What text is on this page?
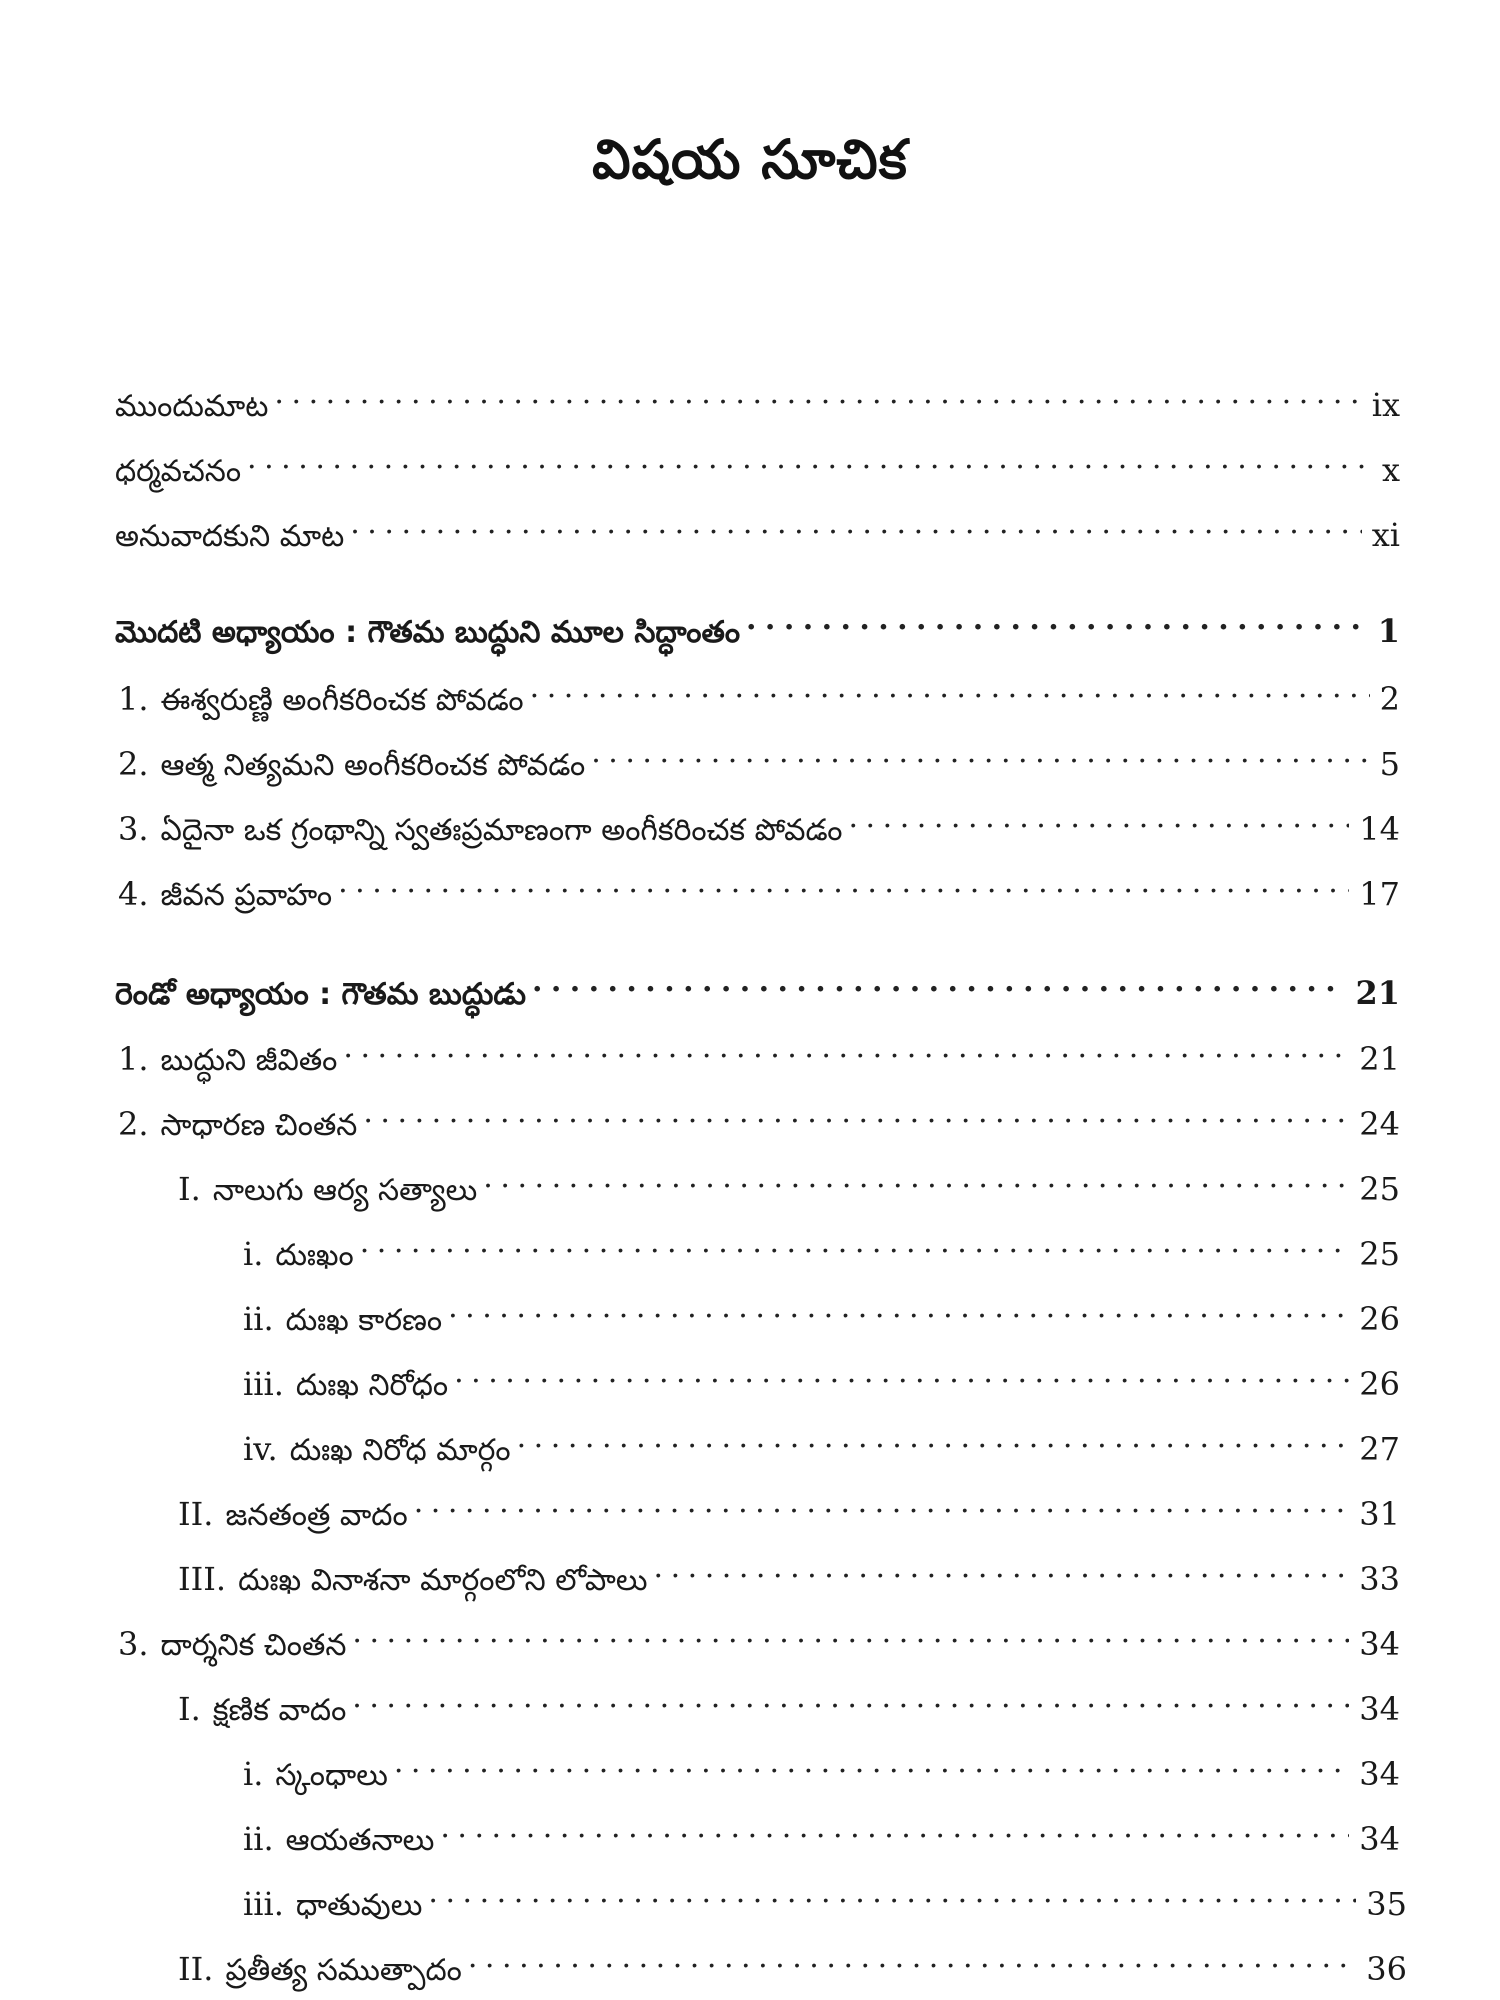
విషయ సూచిక
ముందుమాట . . .	ix
ధర్మవచనం . . .	x
అనువాదకుని మాట . . .	xi
మొదటి అధ్యాయం : గౌతమ బుద్ధుని మూల సిద్ధాంతం . . .	1
1. ఈశ్వరుణ్ణి అంగీకరించక పోవడం . . .	2
2. ఆత్మ నిత్యమని అంగీకరించక పోవడం . . .	5
3. ఏదైనా ఒక గ్రంథాన్ని స్వతఃప్రమాణంగా అంగీకరించక పోవడం . . .	14
4. జీవన ప్రవాహం . . .	17
రెండో అధ్యాయం : గౌతమ బుద్ధుడు . . .	21
1. బుద్ధుని జీవితం . . .	21
2. సాధారణ చింతన . . .	24
I. నాలుగు ఆర్య సత్యాలు . . .	25
i. దుఃఖం . . .	25
ii. దుఃఖ కారణం . . .	26
iii. దుఃఖ నిరోధం . . .	26
iv. దుఃఖ నిరోధ మార్గం . . .	27
II. జనతంత్ర వాదం . . .	31
III. దుఃఖ వినాశనా మార్గంలోని లోపాలు . . .	33
3. దార్శనిక చింతన . . .	34
I. క్షణిక వాదం . . .	34
i. స్కంధాలు . . .	34
ii. ఆయతనాలు . . .	34
iii. ధాతువులు . . .	35
II. ప్రతీత్య సముత్పాదం . . .	36
